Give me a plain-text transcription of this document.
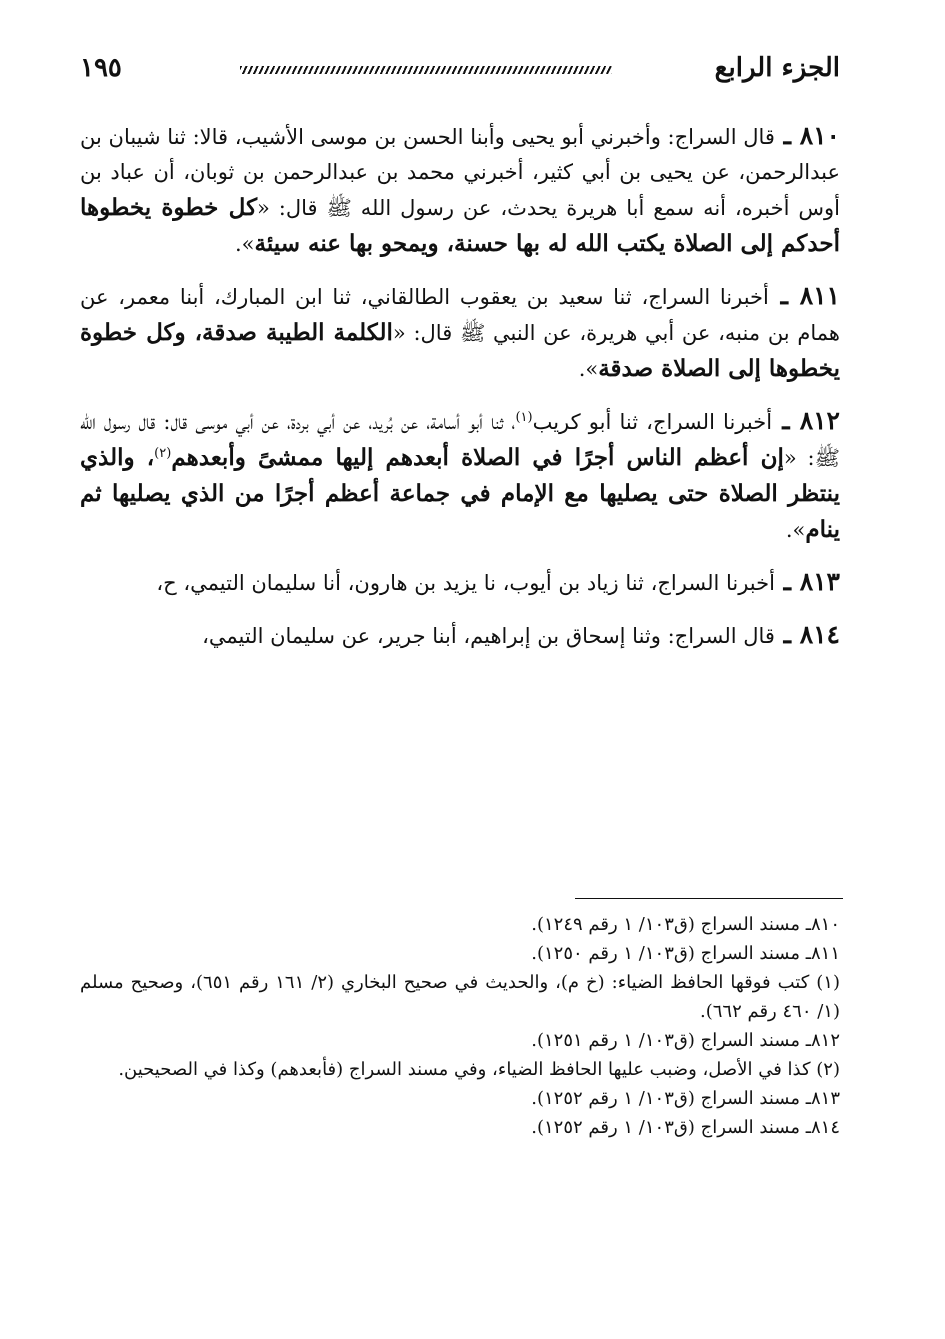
الجزء الرابع
١٩٥

٨١٠ ـ قال السراج: وأخبرني أبو يحيى وأبنا الحسن بن موسى الأشيب، قالا: ثنا شيبان بن عبدالرحمن، عن يحيى بن أبي كثير، أخبرني محمد بن عبدالرحمن بن ثوبان، أن عباد بن أوس أخبره، أنه سمع أبا هريرة يحدث، عن رسول الله ﷺ قال: «كل خطوة يخطوها أحدكم إلى الصلاة يكتب الله له بها حسنة، ويمحو بها عنه سيئة».

٨١١ ـ أخبرنا السراج، ثنا سعيد بن يعقوب الطالقاني، ثنا ابن المبارك، أبنا معمر، عن همام بن منبه، عن أبي هريرة، عن النبي ﷺ قال: «الكلمة الطيبة صدقة، وكل خطوة يخطوها إلى الصلاة صدقة».

٨١٢ ـ أخبرنا السراج، ثنا أبو كريب$^{(١)}$، ثنا أبو أسامة، عن بُريد، عن أبي بردة، عن أبي موسى قال: قال رسول الله ﷺ: «إن أعظم الناس أجرًا في الصلاة أبعدهم إليها ممشىً وأبعدهم$^{(٢)}$، والذي ينتظر الصلاة حتى يصليها مع الإمام في جماعة أعظم أجرًا من الذي يصليها ثم ينام».

٨١٣ ـ أخبرنا السراج، ثنا زياد بن أيوب، نا يزيد بن هارون، أنا سليمان التيمي، ح،

٨١٤ ـ قال السراج: وثنا إسحاق بن إبراهيم، أبنا جرير، عن سليمان التيمي،

٨١٠ـ مسند السراج (ق١٠٣/ ١ رقم ١٢٤٩).

٨١١ـ مسند السراج (ق١٠٣/ ١ رقم ١٢٥٠).

(١) كتب فوقها الحافظ الضياء: (خ م)، والحديث في صحيح البخاري (٢/ ١٦١ رقم ٦٥١)، وصحيح مسلم (١/ ٤٦٠ رقم ٦٦٢).

٨١٢ـ مسند السراج (ق١٠٣/ ١ رقم ١٢٥١).

(٢) كذا في الأصل، وضبب عليها الحافظ الضياء، وفي مسند السراج (فأبعدهم) وكذا في الصحيحين.

٨١٣ـ مسند السراج (ق١٠٣/ ١ رقم ١٢٥٢).

٨١٤ـ مسند السراج (ق١٠٣/ ١ رقم ١٢٥٢).
